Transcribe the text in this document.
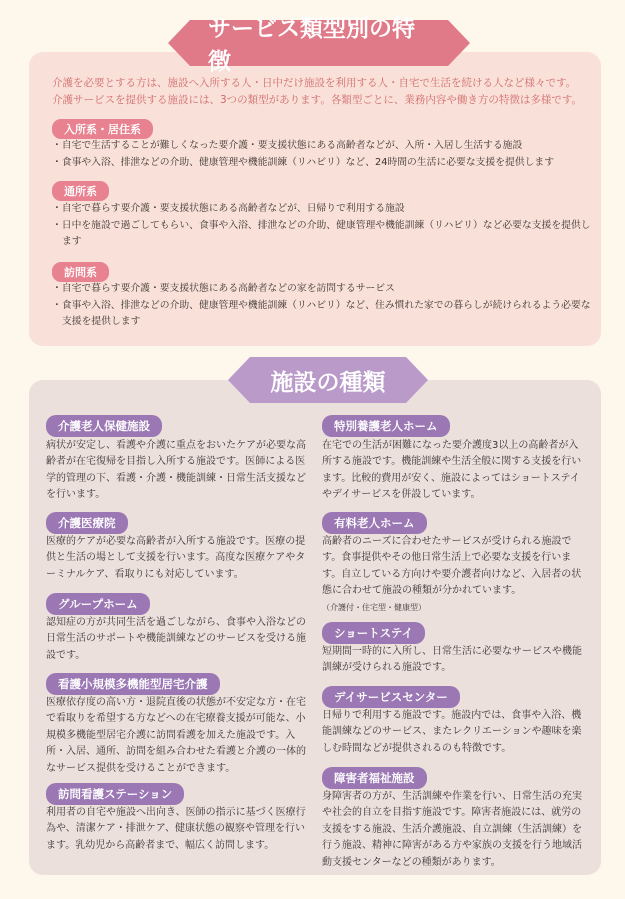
サービス類型別の特徴
介護を必要とする方は、施設へ入所する人・日中だけ施設を利用する人・自宅で生活を続ける人など様々です。
介護サービスを提供する施設には、3つの類型があります。各類型ごとに、業務内容や働き方の特徴は多様です。
入所系・居住系
・自宅で生活することが難しくなった要介護・要支援状態にある高齢者などが、入所・入居し生活する施設
・食事や入浴、排泄などの介助、健康管理や機能訓練（リハビリ）など、24時間の生活に必要な支援を提供します
通所系
・自宅で暮らす要介護・要支援状態にある高齢者などが、日帰りで利用する施設
・日中を施設で過ごしてもらい、食事や入浴、排泄などの介助、健康管理や機能訓練（リハビリ）など必要な支援を提供します
訪問系
・自宅で暮らす要介護・要支援状態にある高齢者などの家を訪問するサービス
・食事や入浴、排泄などの介助、健康管理や機能訓練（リハビリ）など、住み慣れた家での暮らしが続けられるよう必要な支援を提供します
施設の種類
介護老人保健施設
病状が安定し、看護や介護に重点をおいたケアが必要な高齢者が在宅復帰を目指し入所する施設です。医師による医学的管理の下、看護・介護・機能訓練・日常生活支援などを行います。
介護医療院
医療的ケアが必要な高齢者が入所する施設です。医療の提供と生活の場として支援を行います。高度な医療ケアやターミナルケア、看取りにも対応しています。
グループホーム
認知症の方が共同生活を過ごしながら、食事や入浴などの日常生活のサポートや機能訓練などのサービスを受ける施設です。
看護小規模多機能型居宅介護
医療依存度の高い方・退院直後の状態が不安定な方・在宅で看取りを希望する方などへの在宅療養支援が可能な、小規模多機能型居宅介護に訪問看護を加えた施設です。入所・入居、通所、訪問を組み合わせた看護と介護の一体的なサービス提供を受けることができます。
訪問看護ステーション
利用者の自宅や施設へ出向き、医師の指示に基づく医療行為や、清潔ケア・排泄ケア、健康状態の観察や管理を行います。乳幼児から高齢者まで、幅広く訪問します。
特別養護老人ホーム
在宅での生活が困難になった要介護度3以上の高齢者が入所する施設です。機能訓練や生活全般に関する支援を行います。比較的費用が安く、施設によってはショートステイやデイサービスを併設しています。
有料老人ホーム
高齢者のニーズに合わせたサービスが受けられる施設です。食事提供やその他日常生活上で必要な支援を行います。自立している方向けや要介護者向けなど、入居者の状態に合わせて施設の種類が分かれています。
（介護付・住宅型・健康型）
ショートステイ
短期間一時的に入所し、日常生活に必要なサービスや機能訓練が受けられる施設です。
デイサービスセンター
日帰りで利用する施設です。施設内では、食事や入浴、機能訓練などのサービス、またレクリエーションや趣味を楽しむ時間などが提供されるのも特徴です。
障害者福祉施設
身障害者の方が、生活訓練や作業を行い、日常生活の充実や社会的自立を目指す施設です。障害者施設には、就労の支援をする施設、生活介護施設、自立訓練（生活訓練）を行う施設、精神に障害がある方や家族の支援を行う地域活動支援センターなどの種類があります。
